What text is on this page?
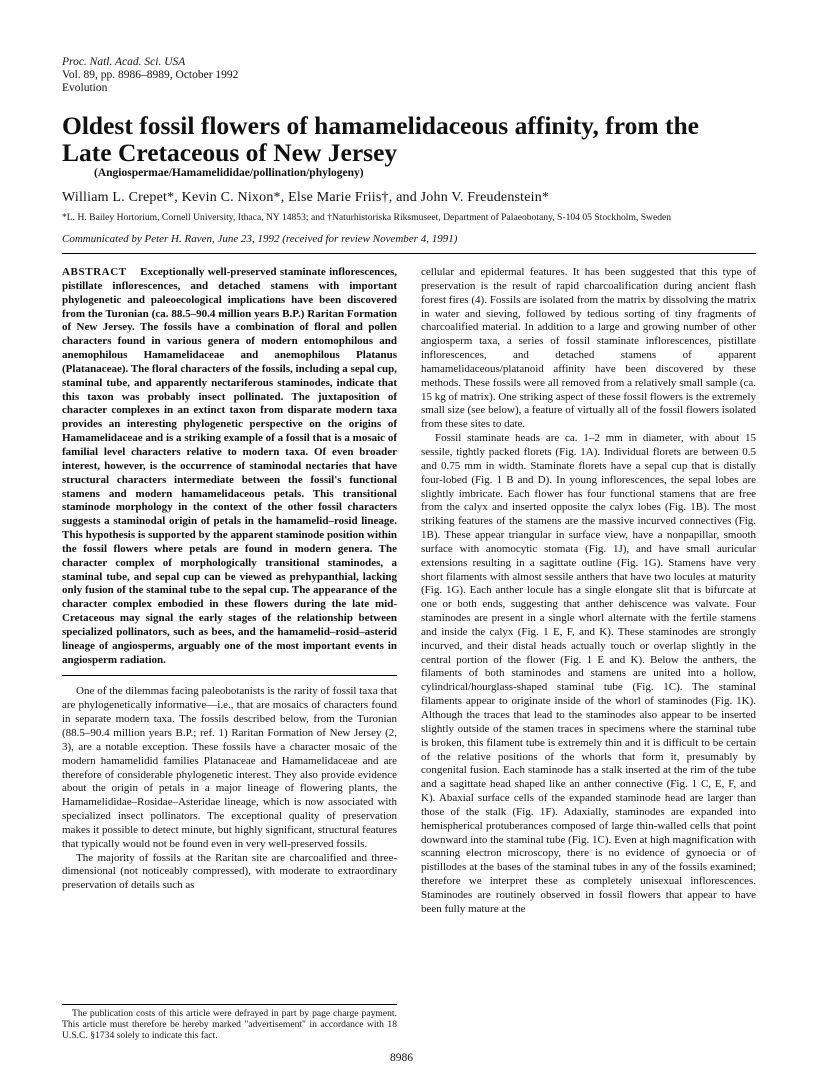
Proc. Natl. Acad. Sci. USA
Vol. 89, pp. 8986–8989, October 1992
Evolution
Oldest fossil flowers of hamamelidaceous affinity, from the Late Cretaceous of New Jersey
(Angiospermae/Hamamelididae/pollination/phylogeny)
William L. Crepet*, Kevin C. Nixon*, Else Marie Friis†, and John V. Freudenstein*
*L. H. Bailey Hortorium, Cornell University, Ithaca, NY 14853; and †Naturhistoriska Riksmuseet, Department of Palaeobotany, S-104 05 Stockholm, Sweden
Communicated by Peter H. Raven, June 23, 1992 (received for review November 4, 1991)

ABSTRACT Exceptionally well-preserved staminate inflorescences, pistillate inflorescences, and detached stamens with important phylogenetic and paleoecological implications have been discovered from the Turonian (ca. 88.5–90.4 million years B.P.) Raritan Formation of New Jersey. The fossils have a combination of floral and pollen characters found in various genera of modern entomophilous and anemophilous Hamamelidaceae and anemophilous Platanus (Platanaceae). The floral characters of the fossils, including a sepal cup, staminal tube, and apparently nectariferous staminodes, indicate that this taxon was probably insect pollinated. The juxtaposition of character complexes in an extinct taxon from disparate modern taxa provides an interesting phylogenetic perspective on the origins of Hamamelidaceae and is a striking example of a fossil that is a mosaic of familial level characters relative to modern taxa. Of even broader interest, however, is the occurrence of staminodal nectaries that have structural characters intermediate between the fossil's functional stamens and modern hamamelidaceous petals. This transitional staminode morphology in the context of the other fossil characters suggests a staminodal origin of petals in the hamamelid–rosid lineage. This hypothesis is supported by the apparent staminode position within the fossil flowers where petals are found in modern genera. The character complex of morphologically transitional staminodes, a staminal tube, and sepal cup can be viewed as prehypanthial, lacking only fusion of the staminal tube to the sepal cup. The appearance of the character complex embodied in these flowers during the late mid-Cretaceous may signal the early stages of the relationship between specialized pollinators, such as bees, and the hamamelid–rosid–asterid lineage of angiosperms, arguably one of the most important events in angiosperm radiation.

One of the dilemmas facing paleobotanists is the rarity of fossil taxa that are phylogenetically informative—i.e., that are mosaics of characters found in separate modern taxa. The fossils described below, from the Turonian (88.5–90.4 million years B.P.; ref. 1) Raritan Formation of New Jersey (2, 3), are a notable exception. These fossils have a character mosaic of the modern hamamelidid families Platanaceae and Hamamelidaceae and are therefore of considerable phylogenetic interest. They also provide evidence about the origin of petals in a major lineage of flowering plants, the Hamamelididae–Rosidae–Asteridae lineage, which is now associated with specialized insect pollinators. The exceptional quality of preservation makes it possible to detect minute, but highly significant, structural features that typically would not be found even in very well-preserved fossils.

The majority of fossils at the Raritan site are charcoalified and three-dimensional (not noticeably compressed), with moderate to extraordinary preservation of details such as

The publication costs of this article were defrayed in part by page charge payment. This article must therefore be hereby marked "advertisement" in accordance with 18 U.S.C. §1734 solely to indicate this fact.

cellular and epidermal features. It has been suggested that this type of preservation is the result of rapid charcoalification during ancient flash forest fires (4). Fossils are isolated from the matrix by dissolving the matrix in water and sieving, followed by tedious sorting of tiny fragments of charcoalified material. In addition to a large and growing number of other angiosperm taxa, a series of fossil staminate inflorescences, pistillate inflorescences, and detached stamens of apparent hamamelidaceous/platanoid affinity have been discovered by these methods. These fossils were all removed from a relatively small sample (ca. 15 kg of matrix). One striking aspect of these fossil flowers is the extremely small size (see below), a feature of virtually all of the fossil flowers isolated from these sites to date.

Fossil staminate heads are ca. 1–2 mm in diameter, with about 15 sessile, tightly packed florets (Fig. 1A). Individual florets are between 0.5 and 0.75 mm in width. Staminate florets have a sepal cup that is distally four-lobed (Fig. 1 B and D). In young inflorescences, the sepal lobes are slightly imbricate. Each flower has four functional stamens that are free from the calyx and inserted opposite the calyx lobes (Fig. 1B). The most striking features of the stamens are the massive incurved connectives (Fig. 1B). These appear triangular in surface view, have a nonpapillar, smooth surface with anomocytic stomata (Fig. 1J), and have small auricular extensions resulting in a sagittate outline (Fig. 1G). Stamens have very short filaments with almost sessile anthers that have two locules at maturity (Fig. 1G). Each anther locule has a single elongate slit that is bifurcate at one or both ends, suggesting that anther dehiscence was valvate. Four staminodes are present in a single whorl alternate with the fertile stamens and inside the calyx (Fig. 1 E, F, and K). These staminodes are strongly incurved, and their distal heads actually touch or overlap slightly in the central portion of the flower (Fig. 1 E and K). Below the anthers, the filaments of both staminodes and stamens are united into a hollow, cylindrical/hourglass-shaped staminal tube (Fig. 1C). The staminal filaments appear to originate inside of the whorl of staminodes (Fig. 1K). Although the traces that lead to the staminodes also appear to be inserted slightly outside of the stamen traces in specimens where the staminal tube is broken, this filament tube is extremely thin and it is difficult to be certain of the relative positions of the whorls that form it, presumably by congenital fusion. Each staminode has a stalk inserted at the rim of the tube and a sagittate head shaped like an anther connective (Fig. 1 C, E, F, and K). Abaxial surface cells of the expanded staminode head are larger than those of the stalk (Fig. 1F). Adaxially, staminodes are expanded into hemispherical protuberances composed of large thin-walled cells that point downward into the staminal tube (Fig. 1C). Even at high magnification with scanning electron microscopy, there is no evidence of gynoecia or of pistillodes at the bases of the staminal tubes in any of the fossils examined; therefore we interpret these as completely unisexual inflorescences. Staminodes are routinely observed in fossil flowers that appear to have been fully mature at the

8986
